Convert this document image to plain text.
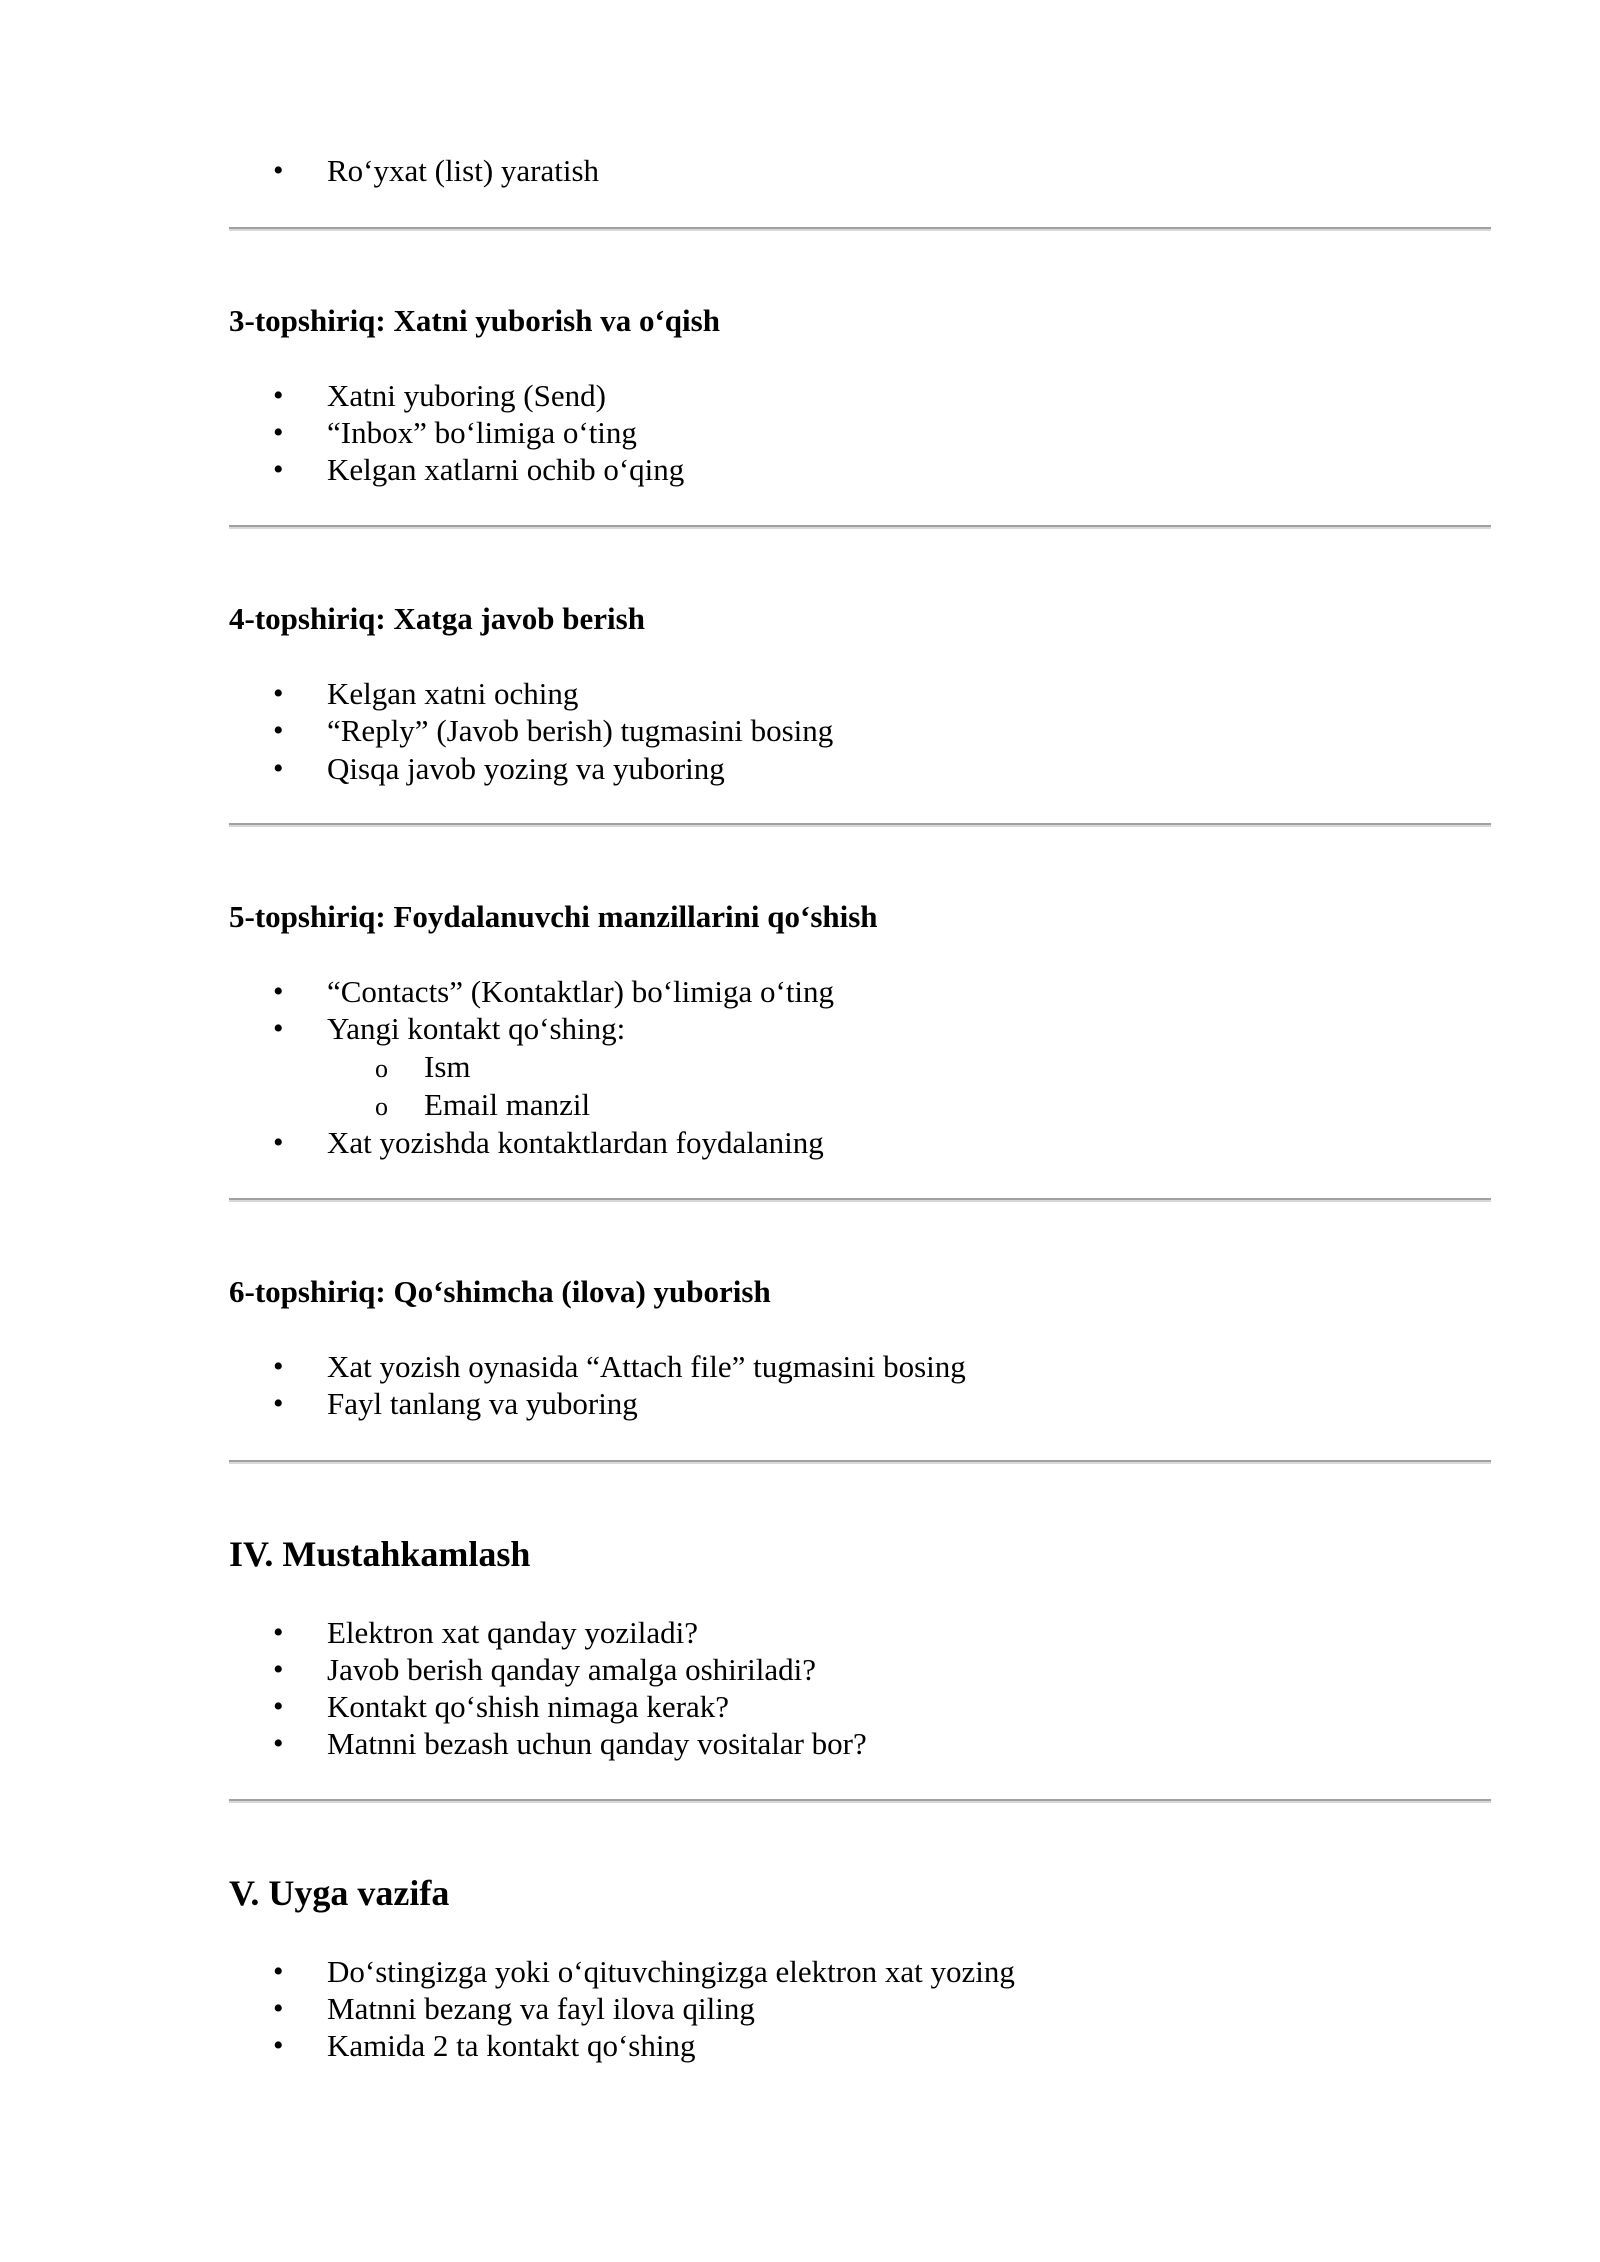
• Ro‘yxat (list) yaratish
3-topshiriq: Xatni yuborish va o‘qish
• Xatni yuboring (Send)
• “Inbox” bo‘limiga o‘ting
• Kelgan xatlarni ochib o‘qing
4-topshiriq: Xatga javob berish
• Kelgan xatni oching
• “Reply” (Javob berish) tugmasini bosing
• Qisqa javob yozing va yuboring
5-topshiriq: Foydalanuvchi manzillarini qo‘shish
• “Contacts” (Kontaktlar) bo‘limiga o‘ting
• Yangi kontakt qo‘shing:
o Ism
o Email manzil
• Xat yozishda kontaktlardan foydalaning
6-topshiriq: Qo‘shimcha (ilova) yuborish
• Xat yozish oynasida “Attach file” tugmasini bosing
• Fayl tanlang va yuboring
IV. Mustahkamlash
• Elektron xat qanday yoziladi?
• Javob berish qanday amalga oshiriladi?
• Kontakt qo‘shish nimaga kerak?
• Matnni bezash uchun qanday vositalar bor?
V. Uyga vazifa
• Do‘stingizga yoki o‘qituvchingizga elektron xat yozing
• Matnni bezang va fayl ilova qiling
• Kamida 2 ta kontakt qo‘shing
